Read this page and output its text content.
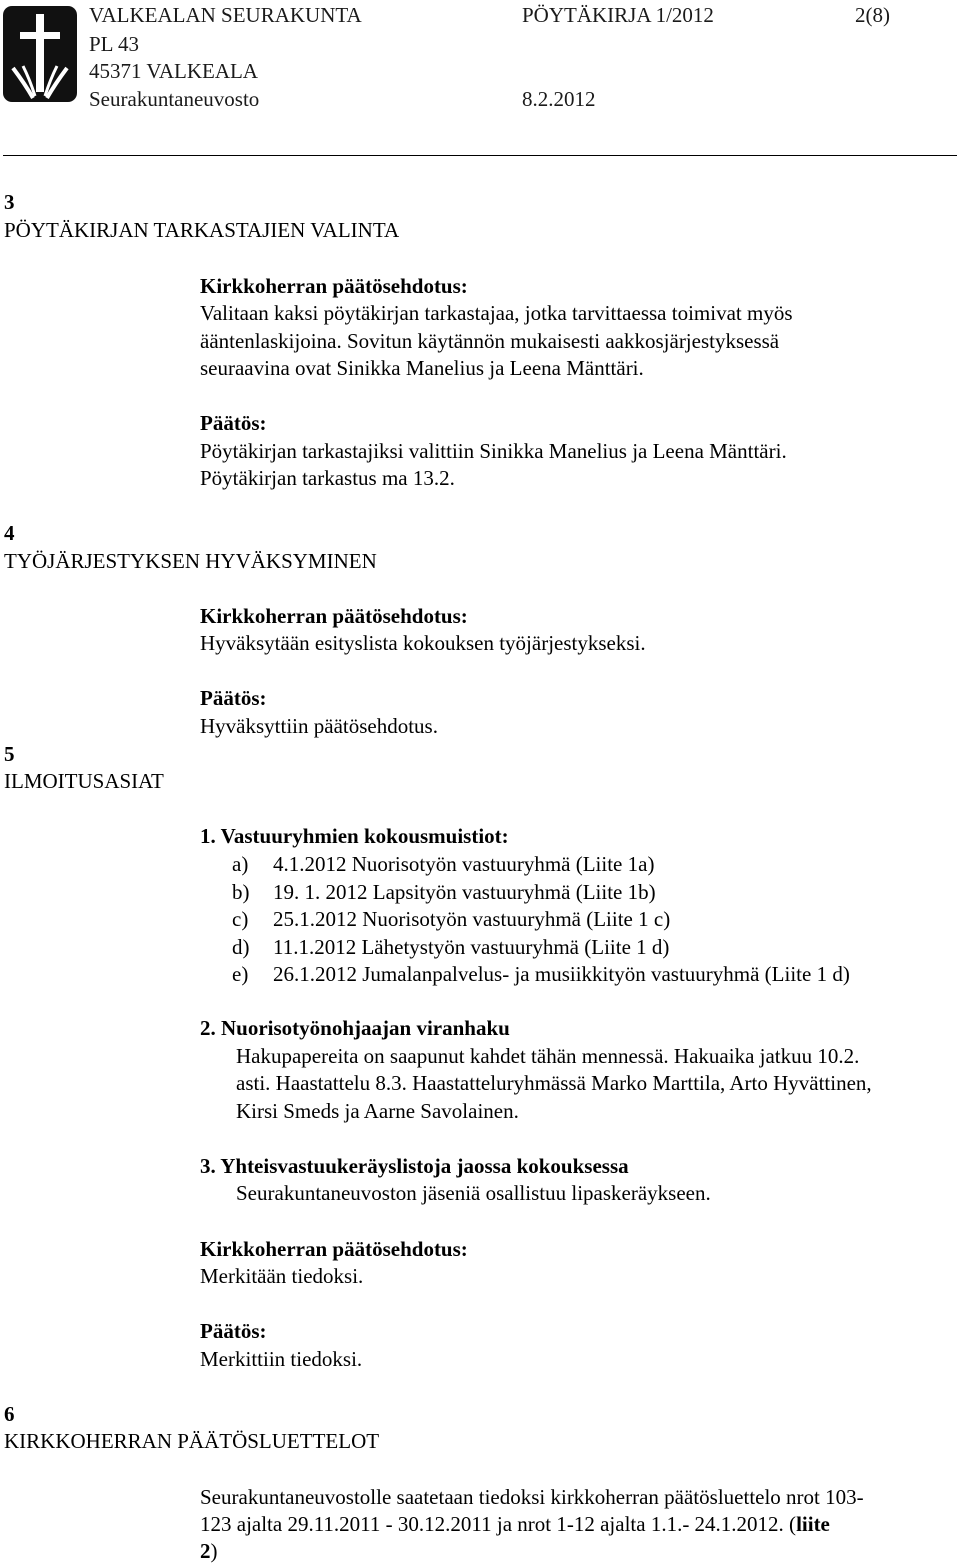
VALKEALAN SEURAKUNTA	PÖYTÄKIRJA 1/2012	2(8)
PL 43
45371 VALKEALA
Seurakuntaneuvosto	8.2.2012
3
PÖYTÄKIRJAN TARKASTAJIEN VALINTA
Kirkkoherran päätösehdotus:
Valitaan kaksi pöytäkirjan tarkastajaa, jotka tarvittaessa toimivat myös
ääntenlaskijoina. Sovitun käytännön mukaisesti aakkosjärjestyksessä
seuraavina ovat Sinikka Manelius ja Leena Mänttäri.
Päätös:
Pöytäkirjan tarkastajiksi valittiin Sinikka Manelius ja Leena Mänttäri.
Pöytäkirjan tarkastus ma 13.2.
4
TYÖJÄRJESTYKSEN HYVÄKSYMINEN
Kirkkoherran päätösehdotus:
Hyväksytään esityslista kokouksen työjärjestykseksi.
Päätös:
Hyväksyttiin päätösehdotus.
5
ILMOITUSASIAT
1. Vastuuryhmien kokousmuistiot:
a)	4.1.2012 Nuorisotyön vastuuryhmä (Liite 1a)
b)	19. 1. 2012 Lapsityön vastuuryhmä (Liite 1b)
c)	25.1.2012 Nuorisotyön vastuuryhmä (Liite 1 c)
d)	11.1.2012 Lähetystyön vastuuryhmä (Liite 1 d)
e)	26.1.2012 Jumalanpalvelus- ja musiikkityön vastuuryhmä (Liite 1 d)
2. Nuorisotyönohjaajan viranhaku
Hakupapereita on saapunut kahdet tähän mennessä. Hakuaika jatkuu 10.2.
asti. Haastattelu 8.3. Haastatteluryhmässä Marko Marttila, Arto Hyvättinen,
Kirsi Smeds ja Aarne Savolainen.
3. Yhteisvastuukeräyslistoja jaossa kokouksessa
Seurakuntaneuvoston jäseniä osallistuu lipaskeräykseen.
Kirkkoherran päätösehdotus:
Merkitään tiedoksi.
Päätös:
Merkittiin tiedoksi.
6
KIRKKOHERRAN PÄÄTÖSLUETTELOT
Seurakuntaneuvostolle saatetaan tiedoksi kirkkoherran päätösluettelo nrot 103-
123 ajalta 29.11.2011 - 30.12.2011 ja nrot 1-12 ajalta 1.1.- 24.1.2012. (liite
2)
